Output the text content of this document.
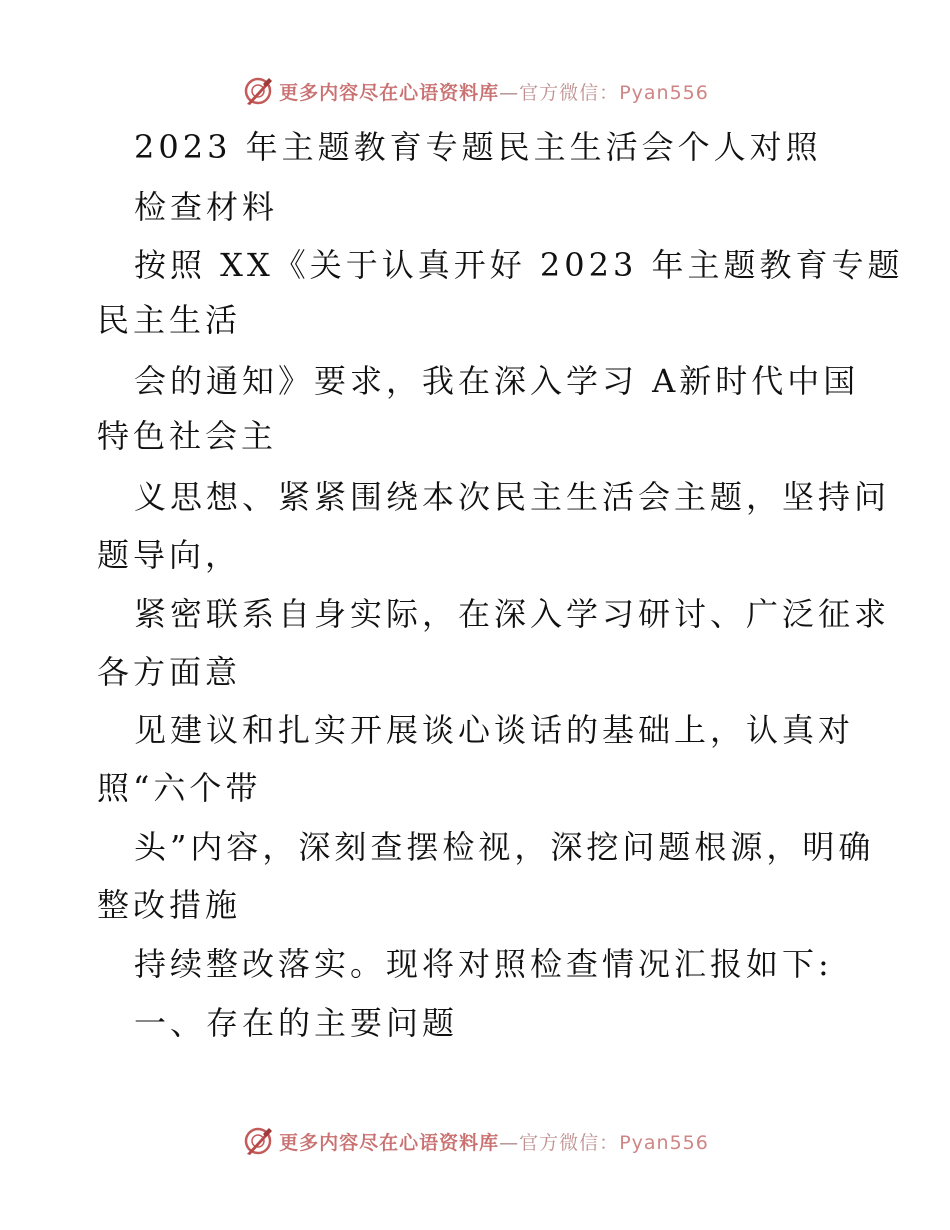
更多内容尽在心语资料库—官方微信：Pyan556
2023 年主题教育专题民主生活会个人对照
检查材料
按照 XX《关于认真开好 2023 年主题教育专题
民主生活
会的通知》要求，我在深入学习 A新时代中国
特色社会主
义思想、紧紧围绕本次民主生活会主题，坚持问
题导向，
紧密联系自身实际，在深入学习研讨、广泛征求
各方面意
见建议和扎实开展谈心谈话的基础上，认真对
照“六个带
头”内容，深刻查摆检视，深挖问题根源，明确
整改措施
持续整改落实。现将对照检查情况汇报如下:
一、存在的主要问题
更多内容尽在心语资料库—官方微信：Pyan556
